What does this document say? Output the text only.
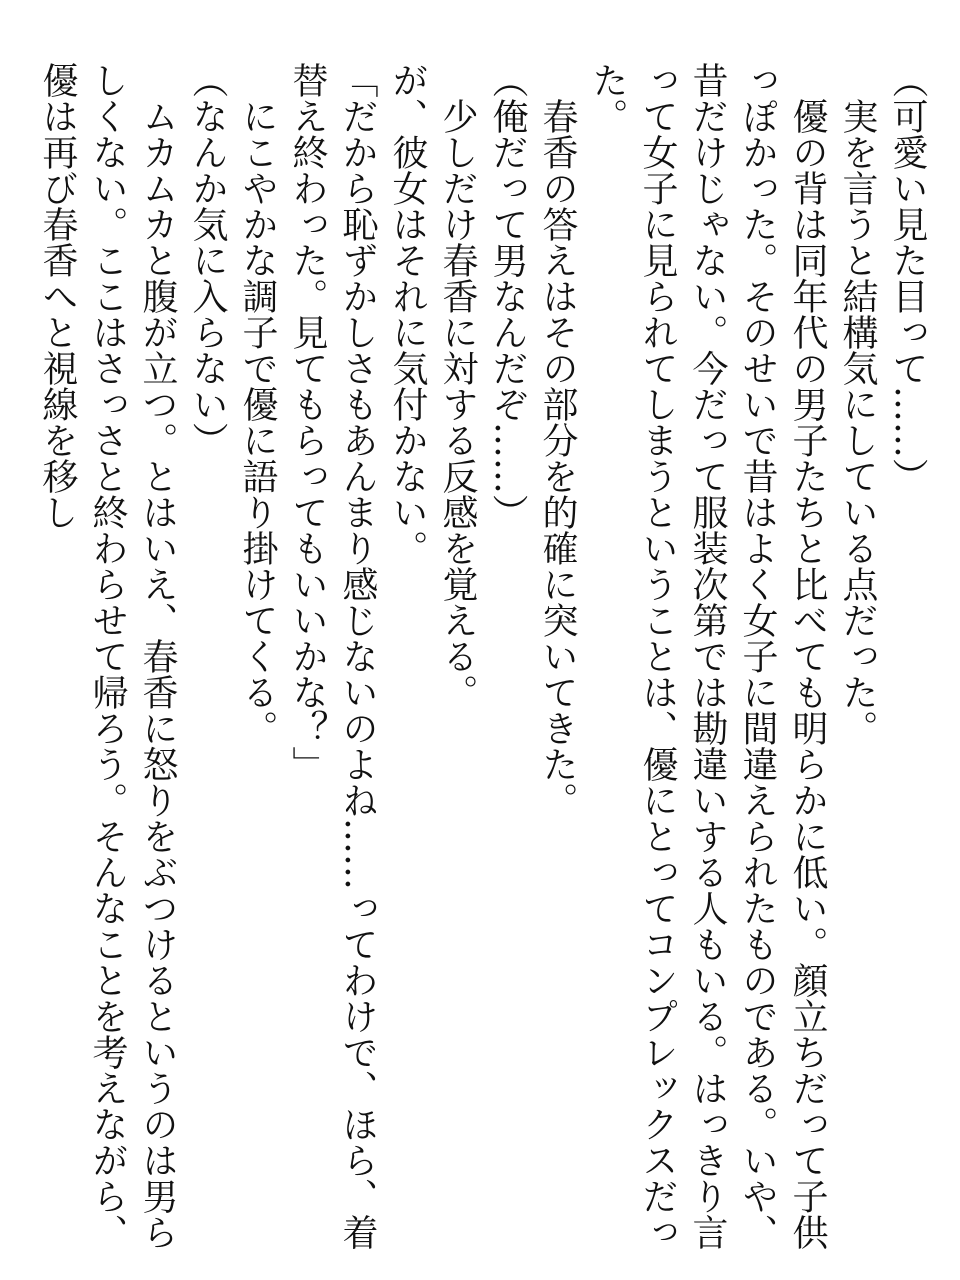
（可愛い見た目って……）

実を言うと結構気にしている点だった。

優の背は同年代の男子たちと比べても明らかに低い。顔立ちだって子供っぽかった。そのせいで昔はよく女子に間違えられたものである。いや、昔だけじゃない。今だって服装次第では勘違いする人もいる。はっきり言って女子に見られてしまうということは、優にとってコンプレックスだった。

春香の答えはその部分を的確に突いてきた。

（俺だって男なんだぞ……）

少しだけ春香に対する反感を覚える。

が、彼女はそれに気付かない。

「だから恥ずかしさもあんまり感じないのよね……ってわけで、ほら、着替え終わった。見てもらってもいいかな？」

にこやかな調子で優に語り掛けてくる。

（なんか気に入らない）

ムカムカと腹が立つ。とはいえ、春香に怒りをぶつけるというのは男らしくない。ここはさっさと終わらせて帰ろう。そんなことを考えながら、優は再び春香へと視線を移し
